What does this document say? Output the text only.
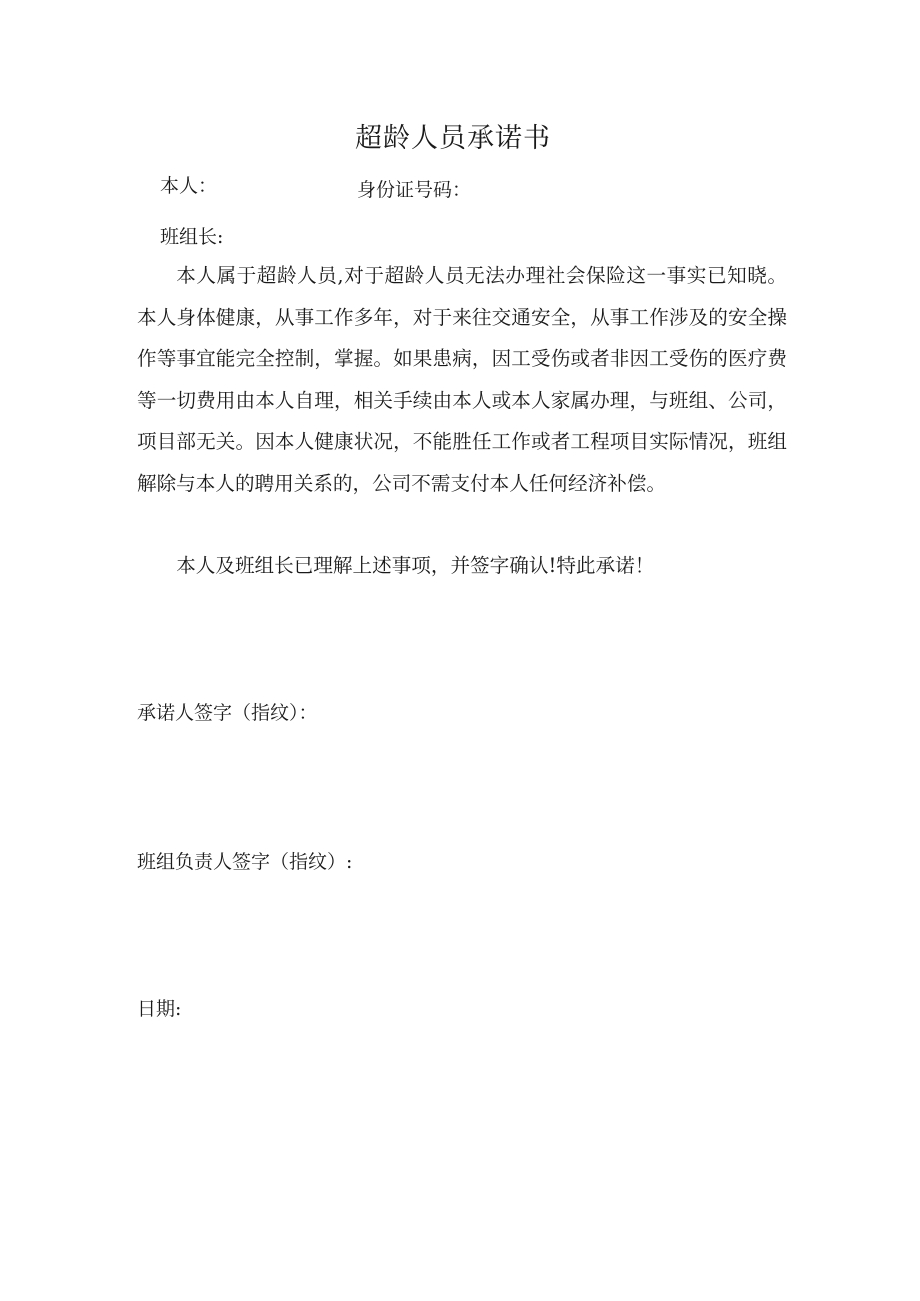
超龄人员承诺书
本人：	身份证号码：
班组长:

本人属于超龄人员,对于超龄人员无法办理社会保险这一事实已知晓。本人身体健康，从事工作多年，对于来往交通安全，从事工作涉及的安全操作等事宜能完全控制，掌握。如果患病，因工受伤或者非因工受伤的医疗费等一切费用由本人自理，相关手续由本人或本人家属办理，与班组、公司，项目部无关。因本人健康状况，不能胜任工作或者工程项目实际情况，班组解除与本人的聘用关系的，公司不需支付本人任何经济补偿。

本人及班组长已理解上述事项，并签字确认!特此承诺！

承诺人签字（指纹）：
班组负责人签字（指纹）:
日期:
